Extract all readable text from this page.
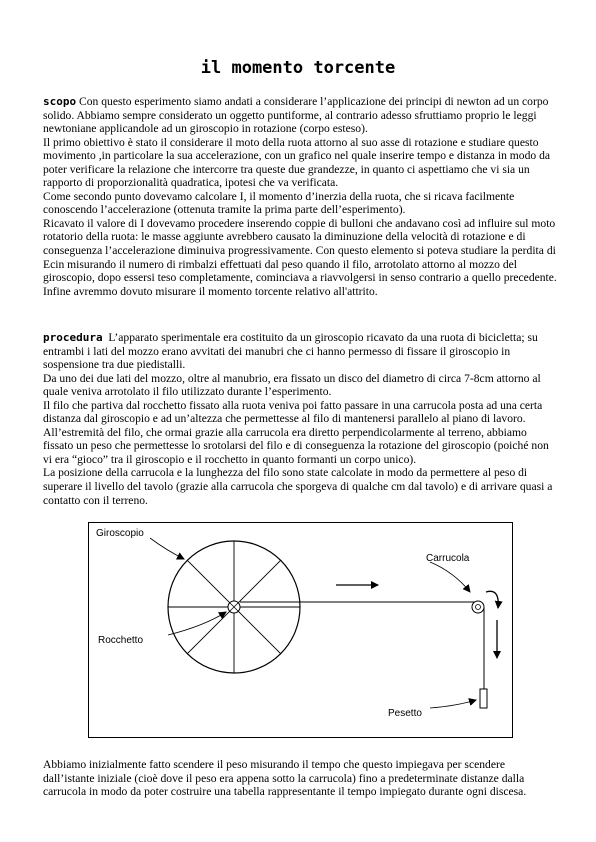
il momento torcente

scopo Con questo esperimento siamo andati a considerare l’applicazione dei principi di newton ad un corpo solido. Abbiamo sempre considerato un oggetto puntiforme, al contrario adesso sfruttiamo proprio le leggi newtoniane applicandole ad un giroscopio in rotazione (corpo esteso).

Il primo obiettivo è stato il considerare il moto della ruota attorno al suo asse di rotazione e studiare questo movimento ,in particolare la sua accelerazione, con un grafico nel quale inserire tempo e distanza in modo da poter verificare la relazione che intercorre tra queste due grandezze, in quanto ci aspettiamo che vi sia un rapporto di proporzionalità quadratica, ipotesi che va verificata.

Come secondo punto dovevamo calcolare I, il momento d’inerzia della ruota, che si ricava facilmente conoscendo l’accelerazione (ottenuta tramite la prima parte dell’esperimento).

Ricavato il valore di I dovevamo procedere inserendo coppie di bulloni che andavano così ad influire sul moto rotatorio della ruota: le masse aggiunte avrebbero causato la diminuzione della velocità di rotazione e di conseguenza l’accelerazione diminuiva progressivamente. Con questo elemento si poteva studiare la perdita di Ecin misurando il numero di rimbalzi effettuati dal peso quando il filo, arrotolato attorno al mozzo del giroscopio, dopo essersi teso completamente, cominciava a riavvolgersi in senso contrario a quello precedente.

Infine avremmo dovuto misurare il momento torcente relativo all'attrito.

procedura L’apparato sperimentale era costituito da un giroscopio ricavato da una ruota di bicicletta; su entrambi i lati del mozzo erano avvitati dei manubri che ci hanno permesso di fissare il giroscopio in sospensione tra due piedistalli.

Da uno dei due lati del mozzo, oltre al manubrio, era fissato un disco del diametro di circa 7-8cm attorno al quale veniva arrotolato il filo utilizzato durante l’esperimento.

Il filo che partiva dal rocchetto fissato alla ruota veniva poi fatto passare in una carrucola posta ad una certa distanza dal giroscopio e ad un’altezza che permettesse al filo di mantenersi parallelo al piano di lavoro. All’estremità del filo, che ormai grazie alla carrucola era diretto perpendicolarmente al terreno, abbiamo fissato un peso che permettesse lo srotolarsi del filo e di conseguenza la rotazione del giroscopio (poiché non vi era “gioco” tra il giroscopio e il rocchetto in quanto formanti un corpo unico).

La posizione della carrucola e la lunghezza del filo sono state calcolate in modo da permettere al peso di superare il livello del tavolo (grazie alla carrucola che sporgeva di qualche cm dal tavolo) e di arrivare quasi a contatto con il terreno.

Giroscopio
Carrucola
Rocchetto
Pesetto

Abbiamo inizialmente fatto scendere il peso misurando il tempo che questo impiegava per scendere dall’istante iniziale (cioè dove il peso era appena sotto la carrucola) fino a predeterminate distanze dalla carrucola in modo da poter costruire una tabella rappresentante il tempo impiegato durante ogni discesa.
